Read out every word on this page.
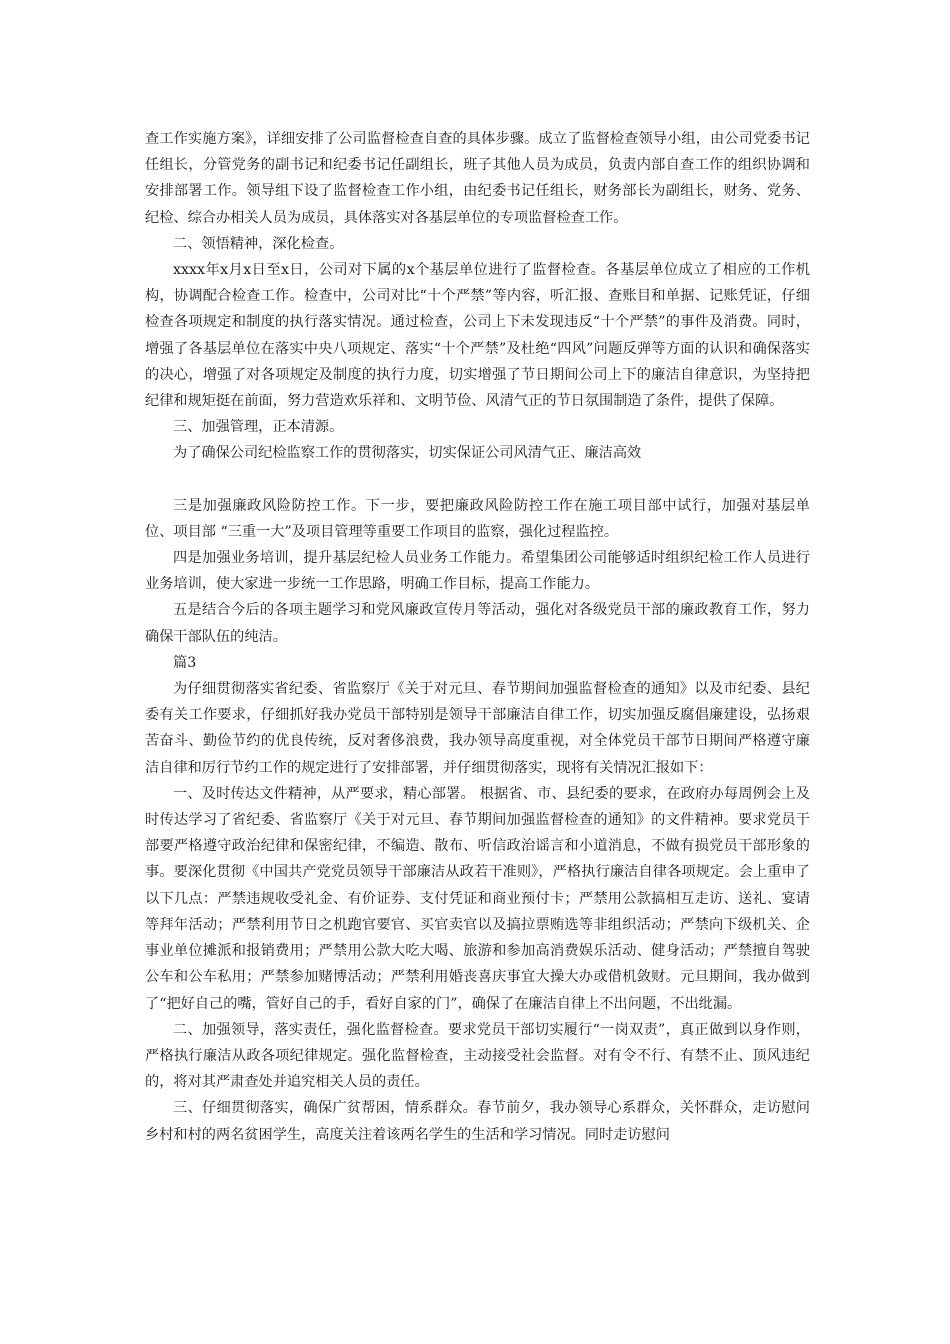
查工作实施方案》，详细安排了公司监督检查自查的具体步骤。成立了监督检查领导小组，由公司党委书记任组长，分管党务的副书记和纪委书记任副组长，班子其他人员为成员，负责内部自查工作的组织协调和安排部署工作。领导组下设了监督检查工作小组，由纪委书记任组长，财务部长为副组长，财务、党务、纪检、综合办相关人员为成员，具体落实对各基层单位的专项监督检查工作。

二、领悟精神，深化检查。

xxxx年x月x日至x日，公司对下属的x个基层单位进行了监督检查。各基层单位成立了相应的工作机构，协调配合检查工作。检查中，公司对比“十个严禁”等内容，听汇报、查账目和单据、记账凭证，仔细检查各项规定和制度的执行落实情况。通过检查，公司上下未发现违反“十个严禁”的事件及消费。同时，增强了各基层单位在落实中央八项规定、落实“十个严禁”及杜绝“四风”问题反弹等方面的认识和确保落实的决心，增强了对各项规定及制度的执行力度，切实增强了节日期间公司上下的廉洁自律意识，为坚持把纪律和规矩挺在前面，努力营造欢乐祥和、文明节俭、风清气正的节日氛围制造了条件，提供了保障。

三、加强管理，正本清源。

为了确保公司纪检监察工作的贯彻落实，切实保证公司风清气正、廉洁高效

三是加强廉政风险防控工作。下一步，要把廉政风险防控工作在施工项目部中试行，加强对基层单位、项目部 “三重一大”及项目管理等重要工作项目的监察，强化过程监控。

四是加强业务培训，提升基层纪检人员业务工作能力。希望集团公司能够适时组织纪检工作人员进行业务培训，使大家进一步统一工作思路，明确工作目标，提高工作能力。

五是结合今后的各项主题学习和党风廉政宣传月等活动，强化对各级党员干部的廉政教育工作，努力确保干部队伍的纯洁。

篇3

为仔细贯彻落实省纪委、省监察厅《关于对元旦、春节期间加强监督检查的通知》以及市纪委、县纪委有关工作要求，仔细抓好我办党员干部特别是领导干部廉洁自律工作，切实加强反腐倡廉建设，弘扬艰苦奋斗、勤俭节约的优良传统，反对奢侈浪费，我办领导高度重视，对全体党员干部节日期间严格遵守廉洁自律和厉行节约工作的规定进行了安排部署，并仔细贯彻落实，现将有关情况汇报如下：

一、及时传达文件精神，从严要求，精心部署。 根据省、市、县纪委的要求，在政府办每周例会上及时传达学习了省纪委、省监察厅《关于对元旦、春节期间加强监督检查的通知》的文件精神。要求党员干部要严格遵守政治纪律和保密纪律，不编造、散布、听信政治谣言和小道消息，不做有损党员干部形象的事。要深化贯彻《中国共产党党员领导干部廉洁从政若干准则》，严格执行廉洁自律各项规定。会上重申了以下几点：严禁违规收受礼金、有价证券、支付凭证和商业预付卡；严禁用公款搞相互走访、送礼、宴请等拜年活动；严禁利用节日之机跑官要官、买官卖官以及搞拉票贿选等非组织活动；严禁向下级机关、企事业单位摊派和报销费用；严禁用公款大吃大喝、旅游和参加高消费娱乐活动、健身活动；严禁擅自驾驶公车和公车私用；严禁参加赌博活动；严禁利用婚丧喜庆事宜大操大办或借机敛财。元旦期间，我办做到了“把好自己的嘴，管好自己的手，看好自家的门”，确保了在廉洁自律上不出问题，不出纰漏。

二、加强领导，落实责任，强化监督检查。要求党员干部切实履行“一岗双责”，真正做到以身作则，严格执行廉洁从政各项纪律规定。强化监督检查，主动接受社会监督。对有令不行、有禁不止、顶风违纪的，将对其严肃查处并追究相关人员的责任。

三、仔细贯彻落实，确保广贫帮困，情系群众。春节前夕，我办领导心系群众，关怀群众，走访慰问乡村和村的两名贫困学生，高度关注着该两名学生的生活和学习情况。同时走访慰问
